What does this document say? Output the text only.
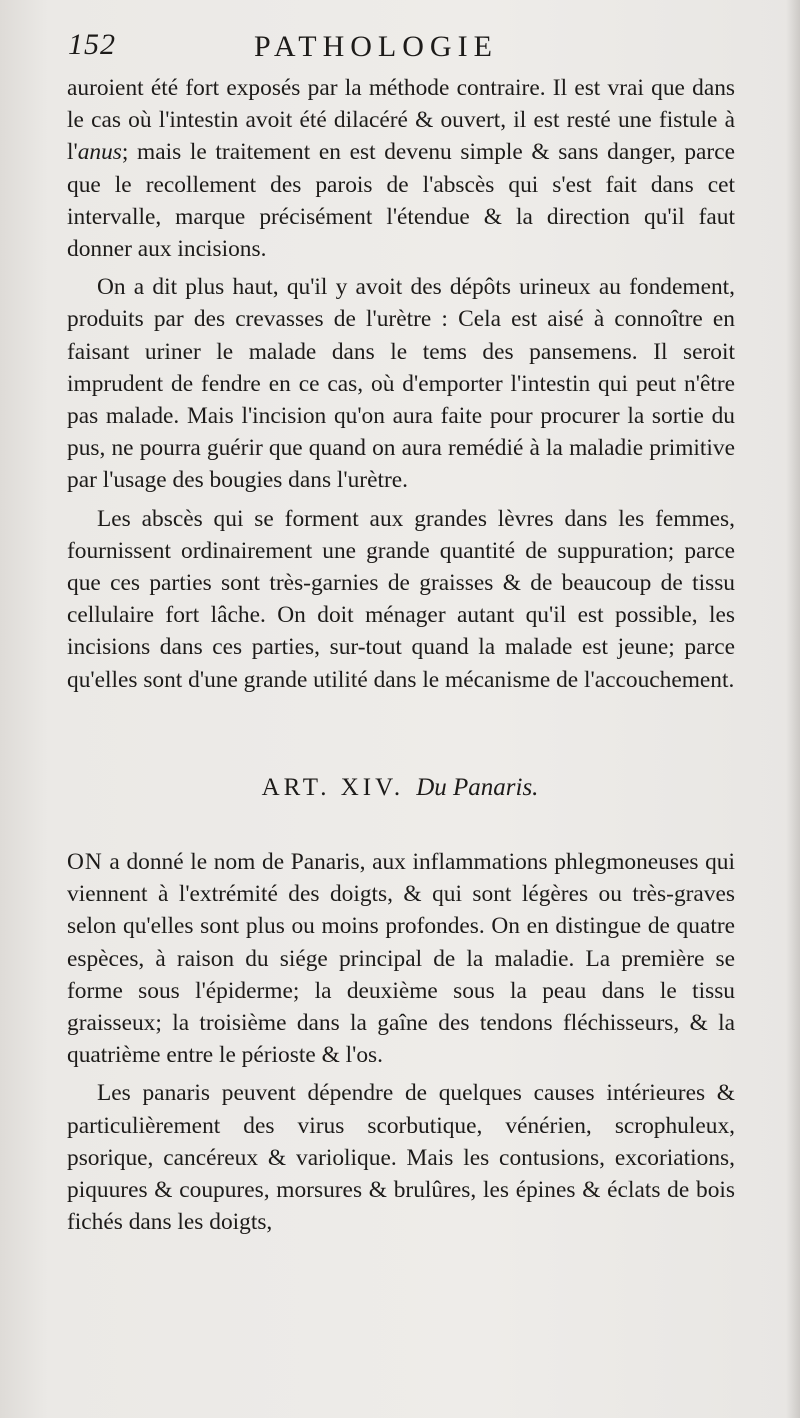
152	PATHOLOGIE

auroient été fort exposés par la méthode contraire. Il est vrai que dans le cas où l'intestin avoit été dilacéré & ouvert, il est resté une fistule à l'anus; mais le traitement en est devenu simple & sans danger, parce que le recollement des parois de l'abscès qui s'est fait dans cet intervalle, marque précisément l'étendue & la direction qu'il faut donner aux incisions.

On a dit plus haut, qu'il y avoit des dépôts urineux au fondement, produits par des crevasses de l'urètre : Cela est aisé à connoître en faisant uriner le malade dans le tems des pansemens. Il seroit imprudent de fendre en ce cas, où d'emporter l'intestin qui peut n'être pas malade. Mais l'incision qu'on aura faite pour procurer la sortie du pus, ne pourra guérir que quand on aura remédié à la maladie primitive par l'usage des bougies dans l'urètre.

Les abscès qui se forment aux grandes lèvres dans les femmes, fournissent ordinairement une grande quantité de suppuration; parce que ces parties sont très-garnies de graisses & de beaucoup de tissu cellulaire fort lâche. On doit ménager autant qu'il est possible, les incisions dans ces parties, sur-tout quand la malade est jeune; parce qu'elles sont d'une grande utilité dans le mécanisme de l'accouchement.

ART. XIV. Du Panaris.

ON a donné le nom de Panaris, aux inflammations phlegmoneuses qui viennent à l'extrémité des doigts, & qui sont légères ou très-graves selon qu'elles sont plus ou moins profondes. On en distingue de quatre espèces, à raison du siége principal de la maladie. La première se forme sous l'épiderme; la deuxième sous la peau dans le tissu graisseux; la troisième dans la gaîne des tendons fléchisseurs, & la quatrième entre le périoste & l'os.

Les panaris peuvent dépendre de quelques causes intérieures & particulièrement des virus scorbutique, vénérien, scrophuleux, psorique, cancéreux & variolique. Mais les contusions, excoriations, piquures & coupures, morsures & brulûres, les épines & éclats de bois fichés dans les doigts,
